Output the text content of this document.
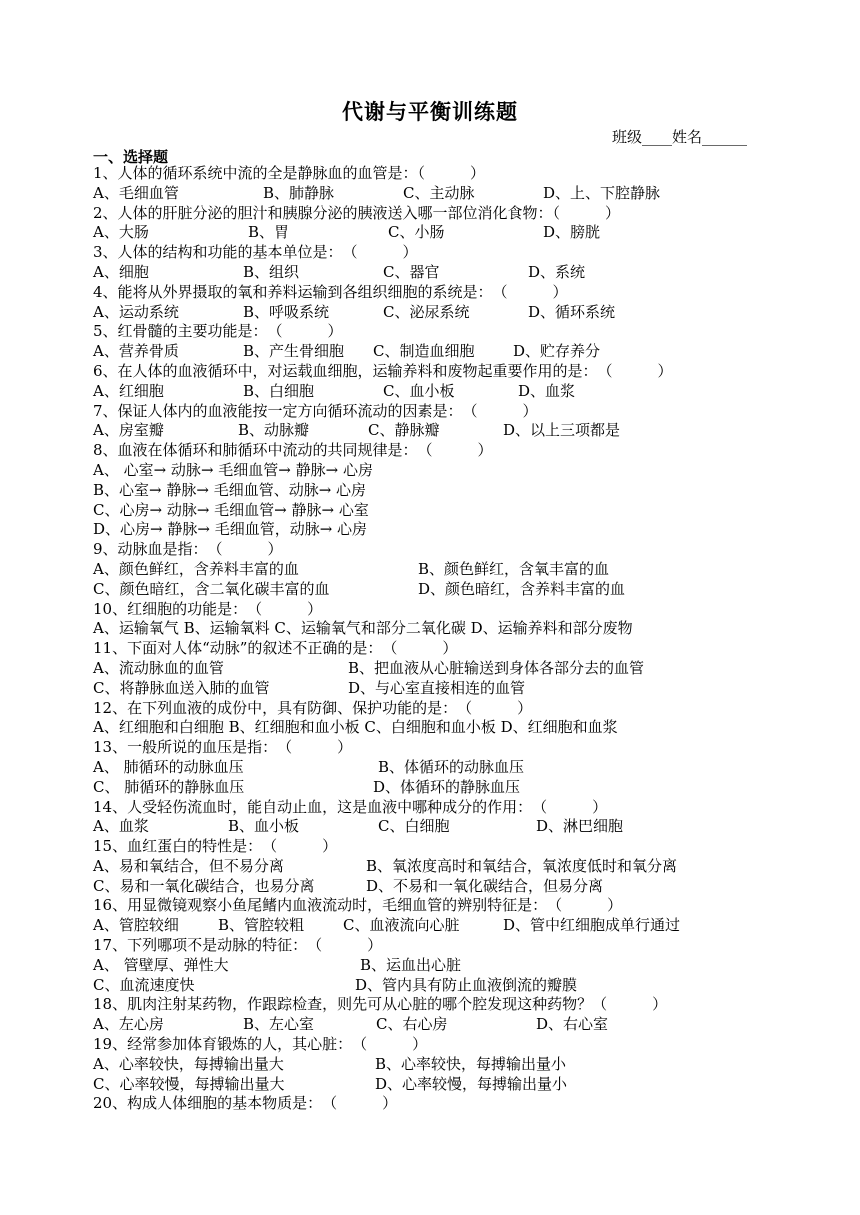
代谢与平衡训练题
班级____姓名______
一、选择题
1、人体的循环系统中流的全是静脉血的血管是：（　　　）
A、毛细血管	B、肺静脉	C、主动脉	D、上、下腔静脉
2、人体的肝脏分泌的胆汁和胰腺分泌的胰液送入哪一部位消化食物：（　　　）
A、大肠	B、胃	C、小肠	D、膀胱
3、人体的结构和功能的基本单位是：　（　　　）
A、细胞	B、组织	C、器官	D、系统
4、能将从外界摄取的氧和养料运输到各组织细胞的系统是：　（　　　）
A、运动系统	B、呼吸系统	C、泌尿系统	D、循环系统
5、红骨髓的主要功能是：　（　　　）
A、营养骨质	B、产生骨细胞 C、制造血细胞	D、贮存养分
6、在人体的血液循环中，对运载血细胞，运输养料和废物起重要作用的是：　（　　　）
A、红细胞	B、白细胞	C、血小板	D、血浆
7、保证人体内的血液能按一定方向循环流动的因素是：　（　　　）
A、房室瓣	B、动脉瓣	C、静脉瓣	D、以上三项都是
8、血液在体循环和肺循环中流动的共同规律是：　（　　　）
A、 心室→ 动脉→ 毛细血管→ 静脉→ 心房
B、心室→ 静脉→ 毛细血管、动脉→ 心房
C、心房→ 动脉→ 毛细血管→ 静脉→ 心室
D、心房→ 静脉→ 毛细血管，动脉→ 心房
9、动脉血是指：　（　　　）
A、颜色鲜红，含养料丰富的血	B、颜色鲜红，含氧丰富的血
C、颜色暗红，含二氧化碳丰富的血	D、颜色暗红，含养料丰富的血
10、红细胞的功能是：　（　　　）
A、运输氧气 B、运输氧料 C、运输氧气和部分二氧化碳 D、运输养料和部分废物
11、下面对人体“动脉”的叙述不正确的是：　（　　　）
A、流动脉血的血管	B、把血液从心脏输送到身体各部分去的血管
C、将静脉血送入肺的血管	D、与心室直接相连的血管
12、在下列血液的成份中，具有防御、保护功能的是：　（　　　）
A、红细胞和白细胞 B、红细胞和血小板 C、白细胞和血小板 D、红细胞和血浆
13、一般所说的血压是指：　（　　　）
A、 肺循环的动脉血压	B、体循环的动脉血压
C、 肺循环的静脉血压	D、体循环的静脉血压
14、人受轻伤流血时，能自动止血，这是血液中哪种成分的作用：　（　　　）
A、血浆	B、血小板	C、白细胞	D、淋巴细胞
15、血红蛋白的特性是：　（　　　）
A、易和氧结合，但不易分离	B、氧浓度高时和氧结合，氧浓度低时和氧分离
C、易和一氧化碳结合，也易分离	D、不易和一氧化碳结合，但易分离
16、用显微镜观察小鱼尾鳍内血液流动时，毛细血管的辨别特征是：　（　　　）
A、管腔较细	B、管腔较粗	C、血液流向心脏	D、管中红细胞成单行通过
17、下列哪项不是动脉的特征：　（　　　）
A、 管壁厚、弹性大	B、运血出心脏
C、血流速度快	D、管内具有防止血液倒流的瓣膜
18、肌肉注射某药物，作跟踪检查，则先可从心脏的哪个腔发现这种药物？（　　　）
A、左心房	B、左心室	C、右心房	D、右心室
19、经常参加体育锻炼的人，其心脏：　（　　　）
A、心率较快，每搏输出量大	B、心率较快，每搏输出量小
C、心率较慢，每搏输出量大	D、心率较慢，每搏输出量小
20、构成人体细胞的基本物质是：　（　　　）
